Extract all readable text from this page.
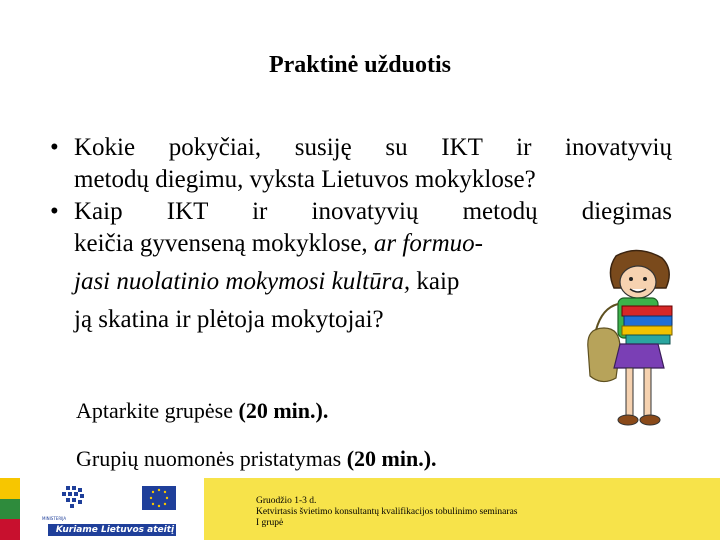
Praktinė užduotis
• Kokie pokyčiai, susiję su IKT ir inovatyvių
metodų diegimu, vyksta Lietuvos mokyklose?
• Kaip IKT ir inovatyvių metodų diegimas
keičia gyvenseną mokyklose, ar formuo-
jasi nuolatinio mokymosi kultūra, kaip
ją skatina ir plėtoja mokytojai?
Aptarkite grupėse (20 min.).
Grupių nuomonės pristatymas (20 min.).
MINISTERIJA
Kuriame Lietuvos ateitį
Gruodžio 1-3 d.
Ketvirtasis švietimo konsultantų kvalifikacijos tobulinimo seminaras
I grupė
